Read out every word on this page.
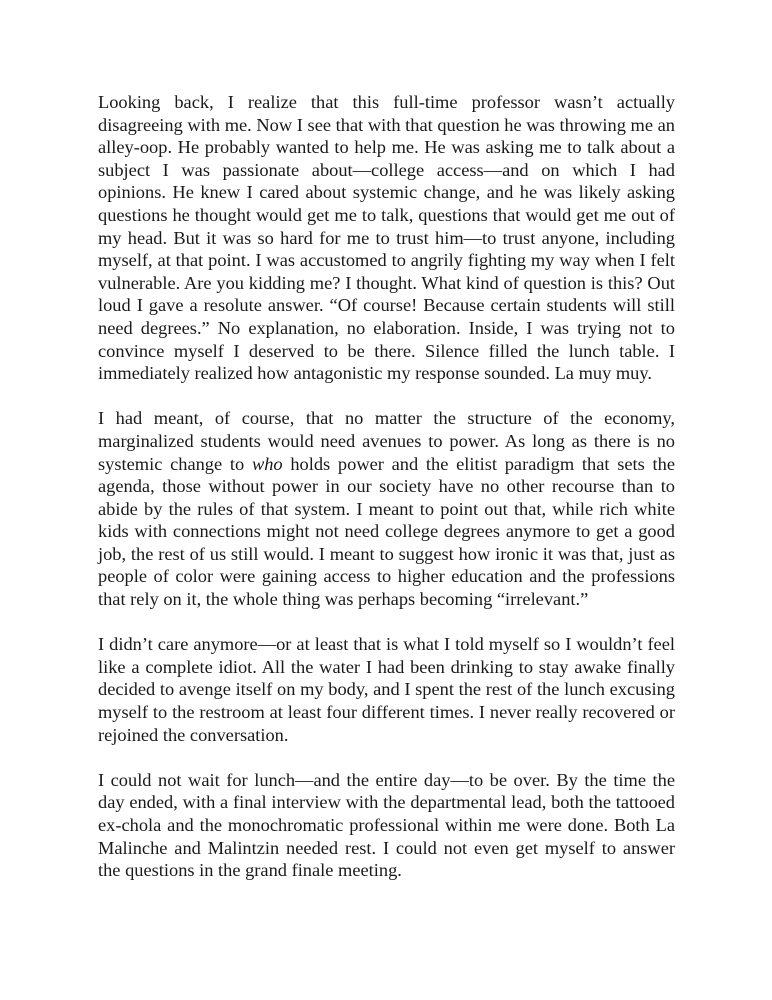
Looking back, I realize that this full-time professor wasn’t actually disagreeing with me. Now I see that with that question he was throwing me an alley-oop. He probably wanted to help me. He was asking me to talk about a subject I was passionate about—college access—and on which I had opinions. He knew I cared about systemic change, and he was likely asking questions he thought would get me to talk, questions that would get me out of my head. But it was so hard for me to trust him—to trust anyone, including myself, at that point. I was accustomed to angrily fighting my way when I felt vulnerable. Are you kidding me? I thought. What kind of question is this? Out loud I gave a resolute answer. “Of course! Because certain students will still need degrees.” No explanation, no elaboration. Inside, I was trying not to convince myself I deserved to be there. Silence filled the lunch table. I immediately realized how antagonistic my response sounded. La muy muy.

I had meant, of course, that no matter the structure of the economy, marginalized students would need avenues to power. As long as there is no systemic change to who holds power and the elitist paradigm that sets the agenda, those without power in our society have no other recourse than to abide by the rules of that system. I meant to point out that, while rich white kids with connections might not need college degrees anymore to get a good job, the rest of us still would. I meant to suggest how ironic it was that, just as people of color were gaining access to higher education and the professions that rely on it, the whole thing was perhaps becoming “irrelevant.”

I didn’t care anymore—or at least that is what I told myself so I wouldn’t feel like a complete idiot. All the water I had been drinking to stay awake finally decided to avenge itself on my body, and I spent the rest of the lunch excusing myself to the restroom at least four different times. I never really recovered or rejoined the conversation.

I could not wait for lunch—and the entire day—to be over. By the time the day ended, with a final interview with the departmental lead, both the tattooed ex-chola and the monochromatic professional within me were done. Both La Malinche and Malintzin needed rest. I could not even get myself to answer the questions in the grand finale meeting.
